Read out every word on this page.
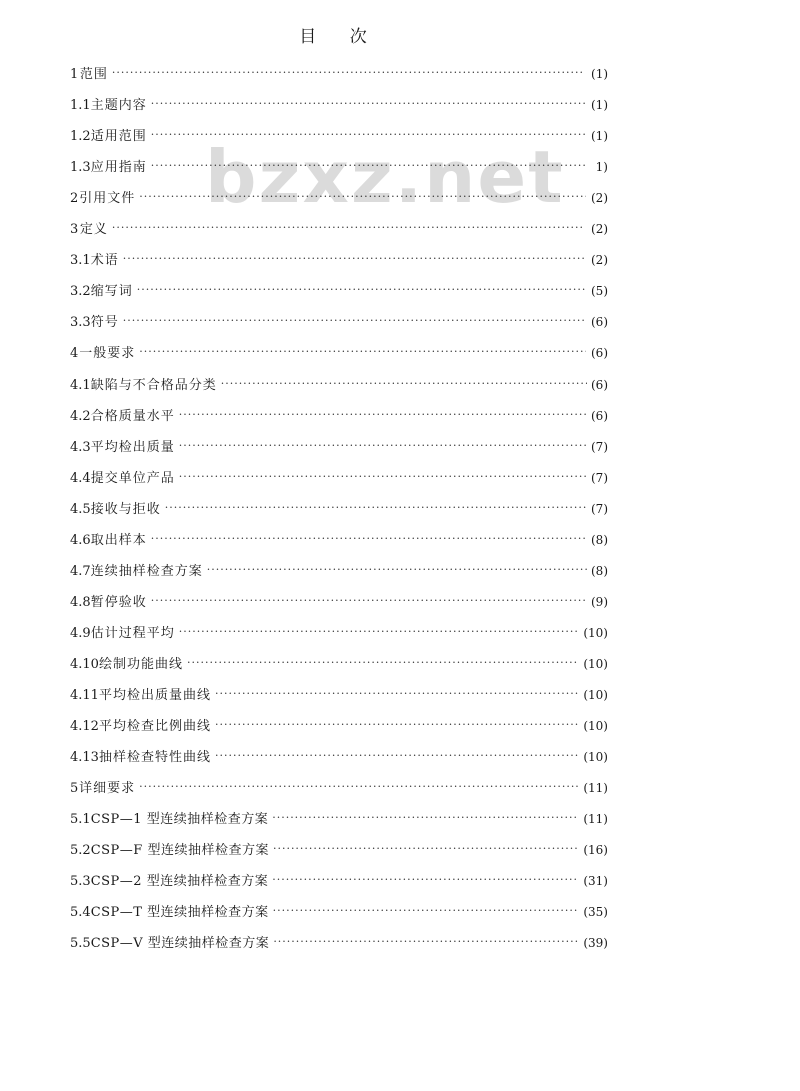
bzxz.net
目 次
1 范围 ·····	(1)
1.1 主题内容 ·····	(1)
1.2 适用范围 ·····	(1)
1.3 应用指南 ·····	1)
2 引用文件 ·····	(2)
3 定义 ·····	(2)
3.1 术语 ·····	(2)
3.2 缩写词 ·····	(5)
3.3 符号 ·····	(6)
4 一般要求 ·····	(6)
4.1 缺陷与不合格品分类 ·····	(6)
4.2 合格质量水平 ·····	(6)
4.3 平均检出质量 ·····	(7)
4.4 提交单位产品 ·····	(7)
4.5 接收与拒收 ·····	(7)
4.6 取出样本 ·····	(8)
4.7 连续抽样检查方案 ·····	(8)
4.8 暂停验收 ·····	(9)
4.9 估计过程平均 ·····	(10)
4.10 绘制功能曲线 ·····	(10)
4.11 平均检出质量曲线 ·····	(10)
4.12 平均检查比例曲线 ·····	(10)
4.13 抽样检查特性曲线 ·····	(10)
5 详细要求 ·····	(11)
5.1 CSP—1 型连续抽样检查方案 ·····	(11)
5.2 CSP—F 型连续抽样检查方案 ·····	(16)
5.3 CSP—2 型连续抽样检查方案 ·····	(31)
5.4 CSP—T 型连续抽样检查方案 ·····	(35)
5.5 CSP—V 型连续抽样检查方案 ·····	(39)
